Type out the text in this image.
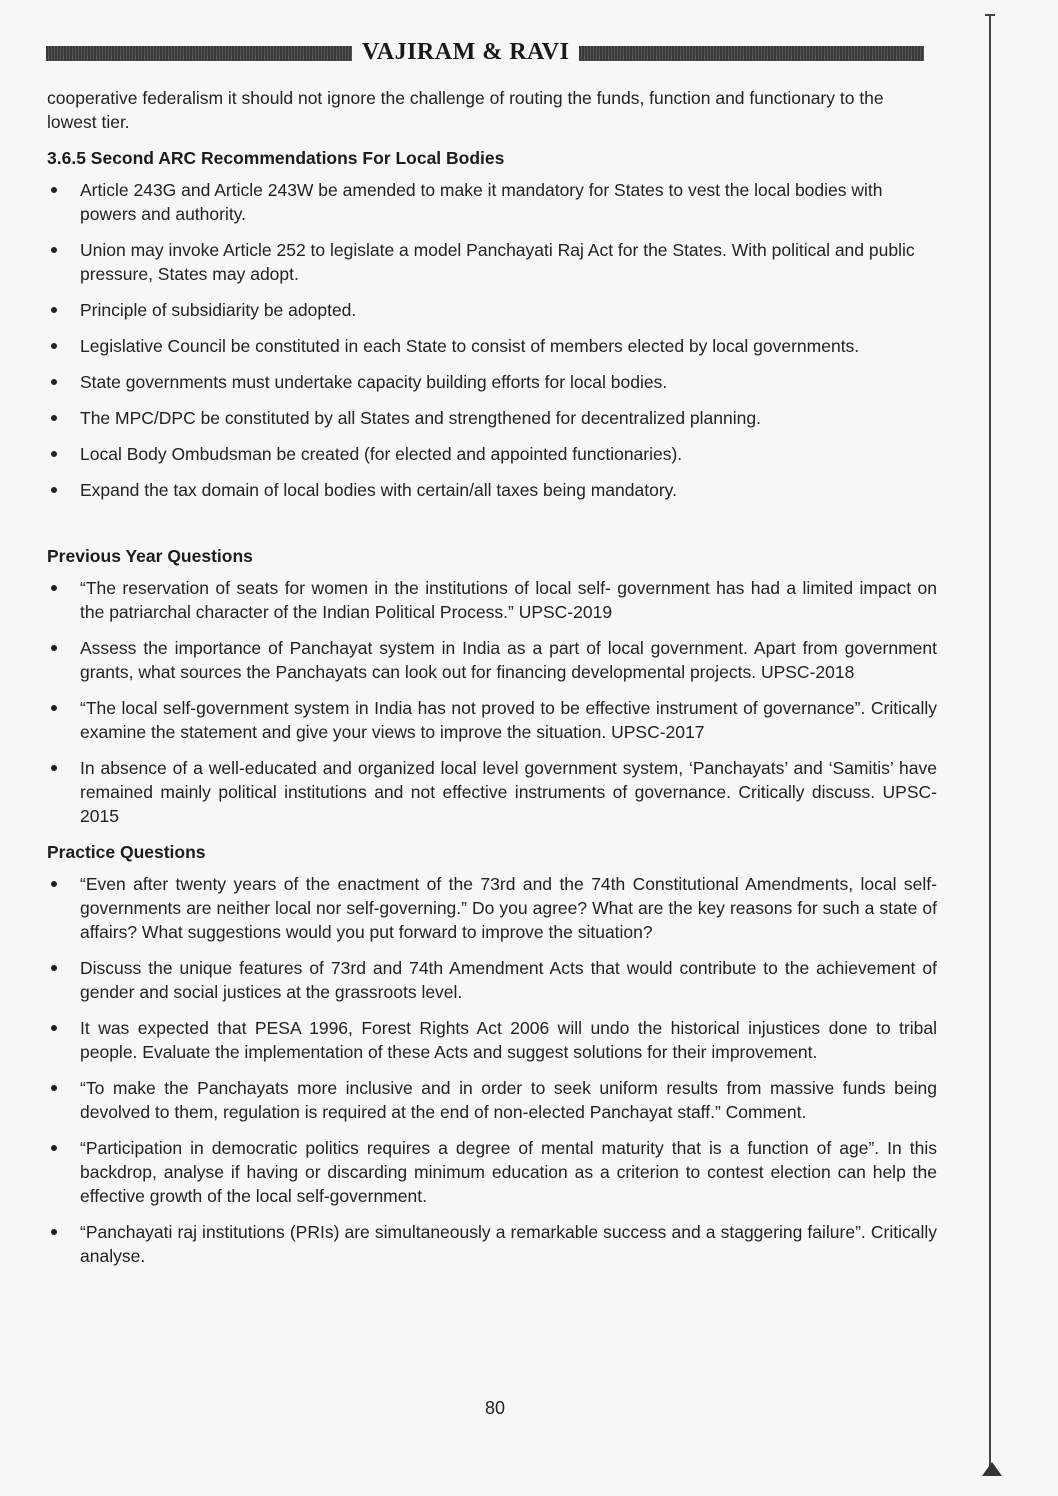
VAJIRAM & RAVI

cooperative federalism it should not ignore the challenge of routing the funds, function and functionary to the lowest tier.

3.6.5 Second ARC Recommendations For Local Bodies
Article 243G and Article 243W be amended to make it mandatory for States to vest the local bodies with powers and authority.
Union may invoke Article 252 to legislate a model Panchayati Raj Act for the States. With political and public pressure, States may adopt.
Principle of subsidiarity be adopted.
Legislative Council be constituted in each State to consist of members elected by local governments.
State governments must undertake capacity building efforts for local bodies.
The MPC/DPC be constituted by all States and strengthened for decentralized planning.
Local Body Ombudsman be created (for elected and appointed functionaries).
Expand the tax domain of local bodies with certain/all taxes being mandatory.
Previous Year Questions
“The reservation of seats for women in the institutions of local self- government has had a limited impact on the patriarchal character of the Indian Political Process.” UPSC-2019
Assess the importance of Panchayat system in India as a part of local government. Apart from government grants, what sources the Panchayats can look out for financing developmental projects. UPSC-2018
“The local self-government system in India has not proved to be effective instrument of governance”. Critically examine the statement and give your views to improve the situation. UPSC-2017
In absence of a well-educated and organized local level government system, ‘Panchayats’ and ‘Samitis’ have remained mainly political institutions and not effective instruments of governance. Critically discuss. UPSC-2015
Practice Questions
“Even after twenty years of the enactment of the 73rd and the 74th Constitutional Amendments, local self-governments are neither local nor self-governing.” Do you agree? What are the key reasons for such a state of affairs? What suggestions would you put forward to improve the situation?
Discuss the unique features of 73rd and 74th Amendment Acts that would contribute to the achievement of gender and social justices at the grassroots level.
It was expected that PESA 1996, Forest Rights Act 2006 will undo the historical injustices done to tribal people. Evaluate the implementation of these Acts and suggest solutions for their improvement.
“To make the Panchayats more inclusive and in order to seek uniform results from massive funds being devolved to them, regulation is required at the end of non-elected Panchayat staff.” Comment.
“Participation in democratic politics requires a degree of mental maturity that is a function of age”. In this backdrop, analyse if having or discarding minimum education as a criterion to contest election can help the effective growth of the local self-government.
“Panchayati raj institutions (PRIs) are simultaneously a remarkable success and a staggering failure”. Critically analyse.
80
